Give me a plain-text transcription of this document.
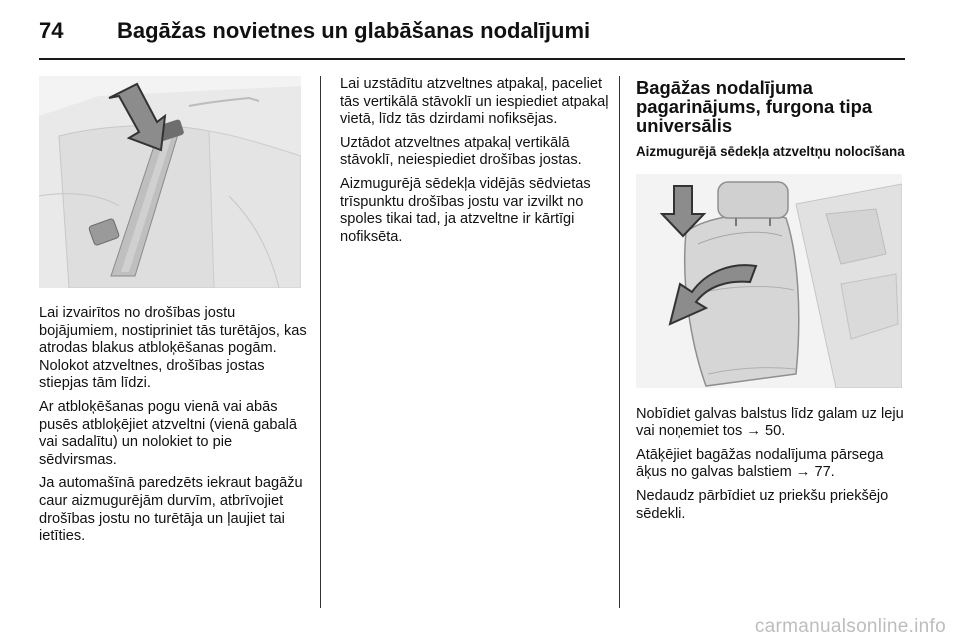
74 Bagāžas novietnes un glabāšanas nodalījumi

Lai izvairītos no drošības jostu bojājumiem, nostipriniet tās turētājos, kas atrodas blakus atbloķēšanas pogām. Nolokot atzveltnes, drošības jostas stiepjas tām līdzi.

Ar atbloķēšanas pogu vienā vai abās pusēs atbloķējiet atzveltni (vienā gabalā vai sadalītu) un nolokiet to pie sēdvirsmas.

Ja automašīnā paredzēts iekraut bagāžu caur aizmugurējām durvīm, atbrīvojiet drošības jostu no turētāja un ļaujiet tai ietīties.

Lai uzstādītu atzveltnes atpakaļ, paceliet tās vertikālā stāvoklī un iespiediet atpakaļ vietā, līdz tās dzirdami nofiksējas.

Uztādot atzveltnes atpakaļ vertikālā stāvoklī, neiespiediet drošības jostas.

Aizmugurējā sēdekļa vidējās sēdvietas trīspunktu drošības jostu var izvilkt no spoles tikai tad, ja atzveltne ir kārtīgi nofiksēta.

Bagāžas nodalījuma pagarinājums, furgona tipa universālis
Aizmugurējā sēdekļa atzveltņu nolocīšana

Nobīdiet galvas balstus līdz galam uz leju vai noņemiet tos → 50.

Atāķējiet bagāžas nodalījuma pārsega āķus no galvas balstiem → 77.

Nedaudz pārbīdiet uz priekšu priekšējo sēdekli.

carmanualsonline.info
